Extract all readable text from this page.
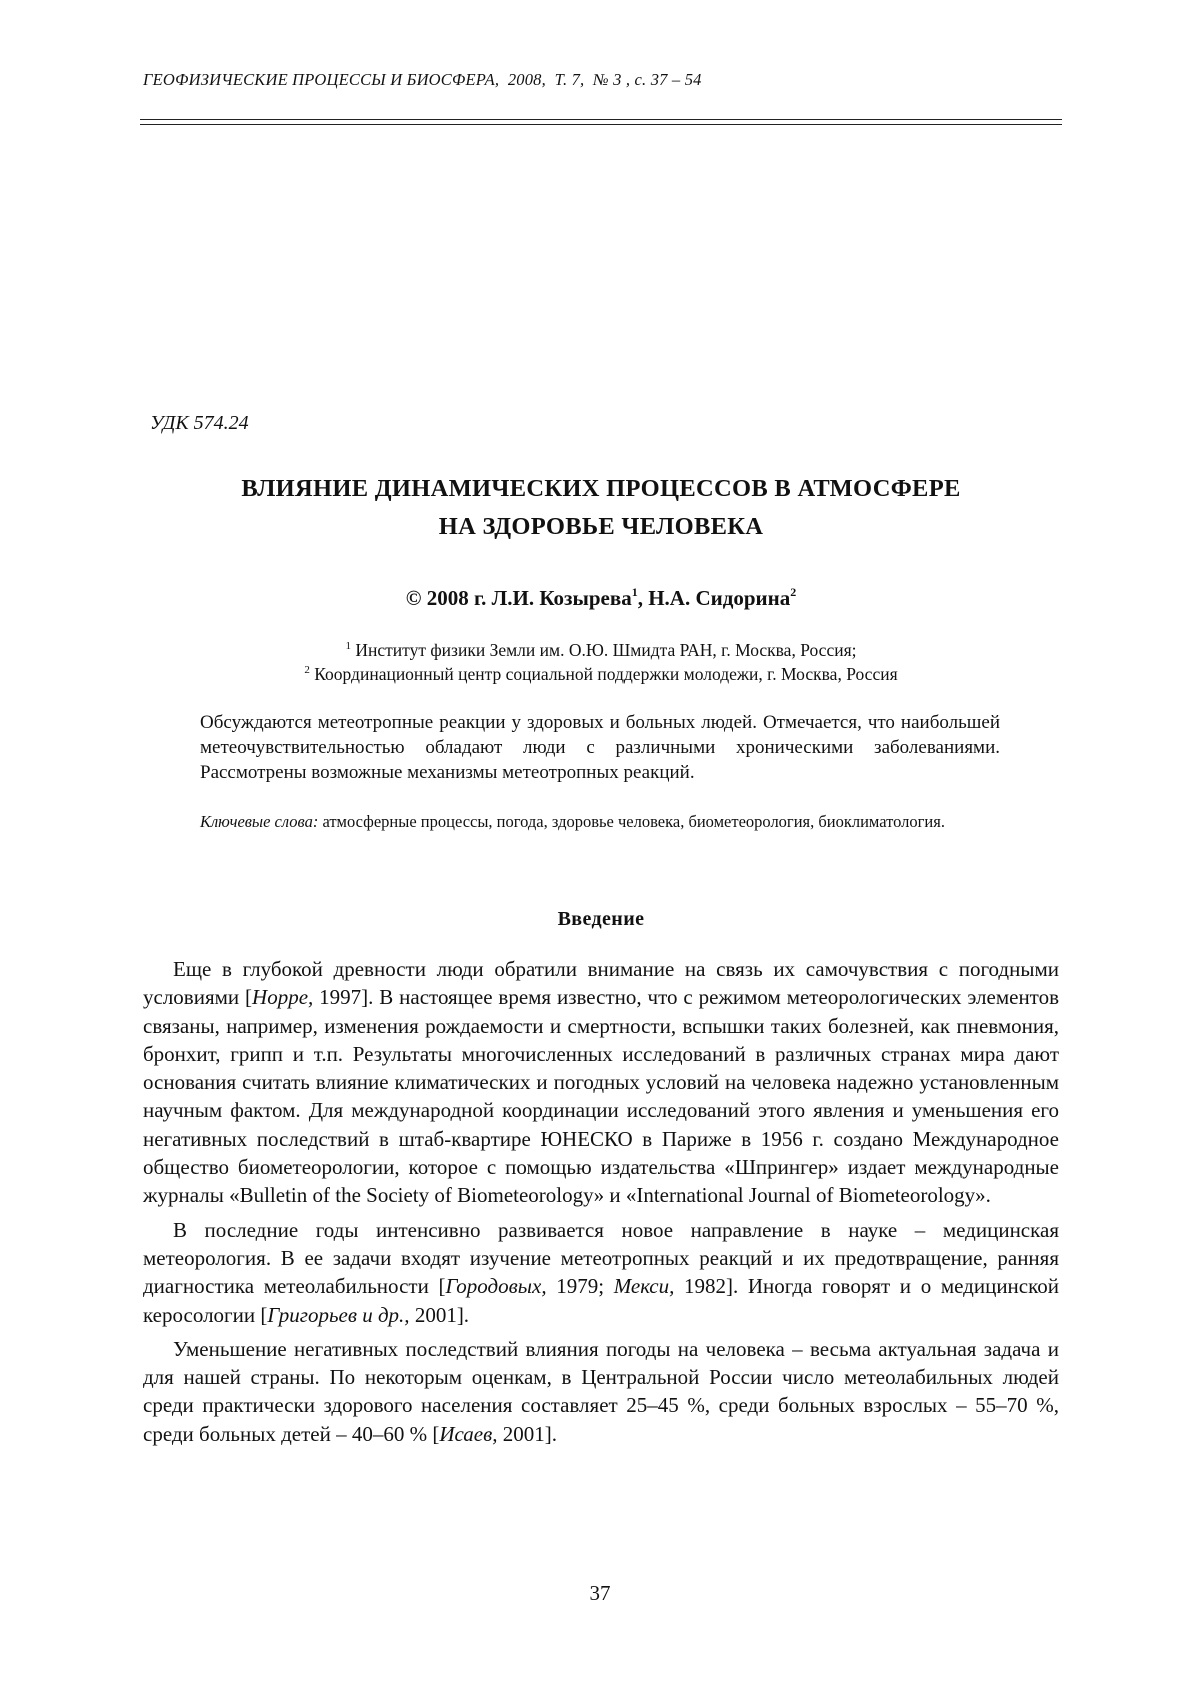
ГЕОФИЗИЧЕСКИЕ ПРОЦЕССЫ И БИОСФЕРА,  2008,  Т. 7,  № 3 , с. 37 – 54
УДК 574.24
ВЛИЯНИЕ ДИНАМИЧЕСКИХ ПРОЦЕССОВ В АТМОСФЕРЕ
НА ЗДОРОВЬЕ ЧЕЛОВЕКА
© 2008 г. Л.И. Козырева$^1$, Н.А. Сидорина$^2$
$^1$ Институт физики Земли им. О.Ю. Шмидта РАН, г. Москва, Россия;
$^2$ Координационный центр социальной поддержки молодежи, г. Москва, Россия
Обсуждаются метеотропные реакции у здоровых и больных людей. Отмечается, что наибольшей метеочувствительностью обладают люди с различными хроническими заболеваниями. Рассмотрены возможные механизмы метеотропных реакций.
Ключевые слова: атмосферные процессы, погода, здоровье человека, биометеорология, биоклиматология.
Введение

Еще в глубокой древности люди обратили внимание на связь их самочувствия с погодными условиями [Hoppe, 1997]. В настоящее время известно, что с режимом метеорологических элементов связаны, например, изменения рождаемости и смертности, вспышки таких болезней, как пневмония, бронхит, грипп и т.п. Результаты многочисленных исследований в различных странах мира дают основания считать влияние климатических и погодных условий на человека надежно установленным научным фактом. Для международной координации исследований этого явления и уменьшения его негативных последствий в штаб-квартире ЮНЕСКО в Париже в 1956 г. создано Международное общество биометеорологии, которое с помощью издательства «Шпрингер» издает международные журналы «Bulletin of the Society of Biometeorology» и «International Journal of Biometeorology».

В последние годы интенсивно развивается новое направление в науке – медицинская метеорология. В ее задачи входят изучение метеотропных реакций и их предотвращение, ранняя диагностика метеолабильности [Городовых, 1979; Мекси, 1982]. Иногда говорят и о медицинской керосологии [Григорьев и др., 2001].

Уменьшение негативных последствий влияния погоды на человека – весьма актуальная задача и для нашей страны. По некоторым оценкам, в Центральной России число метеолабильных людей среди практически здорового населения составляет 25–45 %, среди больных взрослых – 55–70 %, среди больных детей – 40–60 % [Исаев, 2001].

37
